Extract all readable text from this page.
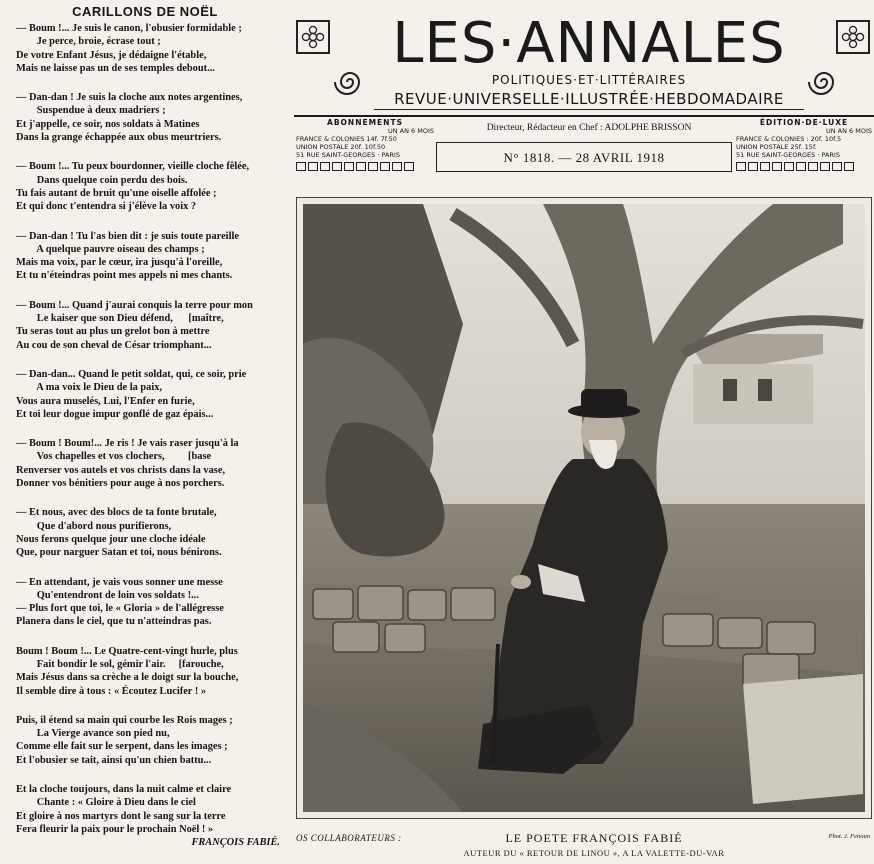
CARILLONS DE NOËL
— Boum !... Je suis le canon, l'obusier formidable ;
Je perce, broie, écrase tout ;
De votre Enfant Jésus, je dédaigne l'étable,
Mais ne laisse pas un de ses temples debout...
— Dan-dan ! Je suis la cloche aux notes argentines,
Suspendue à deux madriers ;
Et j'appelle, ce soir, nos soldats à Matines
Dans la grange échappée aux obus meurtriers.
— Boum !... Tu peux bourdonner, vieille cloche fêlée,
Dans quelque coin perdu des bois.
Tu fais autant de bruit qu'une oiselle affolée ;
Et qui donc t'entendra si j'élève la voix ?
— Dan-dan ! Tu l'as bien dit : je suis toute pareille
A quelque pauvre oiseau des champs ;
Mais ma voix, par le cœur, ira jusqu'à l'oreille,
Et tu n'éteindras point mes appels ni mes chants.
— Boum !... Quand j'aurai conquis la terre pour mon
Le kaiser que son Dieu défend,      [maître,
Tu seras tout au plus un grelot bon à mettre
Au cou de son cheval de César triomphant...
— Dan-dan... Quand le petit soldat, qui, ce soir, prie
A ma voix le Dieu de la paix,
Vous aura muselés, Lui, l'Enfer en furie,
Et toi leur dogue impur gonflé de gaz épais...
— Boum ! Boum!... Je ris ! Je vais raser jusqu'à la
Vos chapelles et vos clochers,         [base
Renverser vos autels et vos christs dans la vase,
Donner vos bénitiers pour auge à nos porchers.
— Et nous, avec des blocs de ta fonte brutale,
Que d'abord nous purifierons,
Nous ferons quelque jour une cloche idéale
Que, pour narguer Satan et toi, nous bénirons.
— En attendant, je vais vous sonner une messe
Qu'entendront de loin vos soldats !...
— Plus fort que toi, le « Gloria » de l'allégresse
Planera dans le ciel, que tu n'atteindras pas.
Boum ! Boum !... Le Quatre-cent-vingt hurle, plus
Fait bondir le sol, gémir l'air.     [farouche,
Mais Jésus dans sa crèche a le doigt sur la bouche,
Il semble dire à tous : « Écoutez Lucifer ! »
Puis, il étend sa main qui courbe les Rois mages ;
La Vierge avance son pied nu,
Comme elle fait sur le serpent, dans les images ;
Et l'obusier se tait, ainsi qu'un chien battu...
Et la cloche toujours, dans la nuit calme et claire
Chante : « Gloire à Dieu dans le ciel
Et gloire à nos martyrs dont le sang sur la terre
Fera fleurir la paix pour le prochain Noël ! »
FRANÇOIS FABIÉ.
LES·ANNALES
POLITIQUES·ET·LITTÉRAIRES
REVUE·UNIVERSELLE·ILLUSTRÉE·HEBDOMADAIRE
ABONNEMENTS
UN AN 6 MOIS
FRANCE & COLONIES 14f. 7f.50
UNION POSTALE 20f. 10f.50
51 RUE SAINT-GEORGES · PARIS
Directeur, Rédacteur en Chef : ADOLPHE BRISSON
N° 1818. — 28 AVRIL 1918
ÉDITION·DE·LUXE
UN AN 6 MOIS
FRANCE & COLONIES : 20f. 10f.5
UNION POSTALE 25f. 15f.
51 RUE SAINT-GEORGES · PARIS
OS COLLABORATEURS :	LE POETE FRANÇOIS FABIÉ
AUTEUR DU « RETOUR DE LINOU », A LA VALETTE-DU-VAR
Phot. J. Fenoun
